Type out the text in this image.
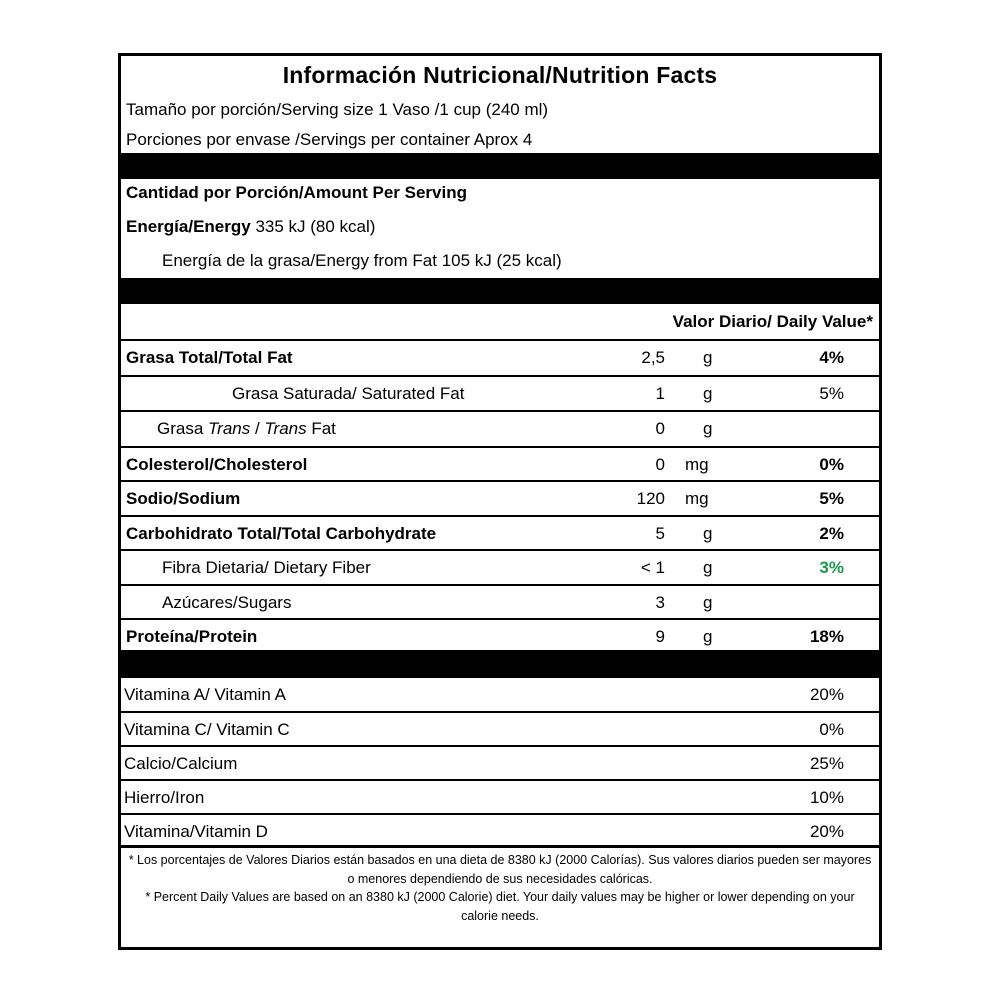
Información Nutricional/Nutrition Facts
Tamaño por porción/Serving size 1 Vaso /1 cup (240 ml)
Porciones por envase /Servings per container Aprox 4
Cantidad por Porción/Amount Per Serving
Energía/Energy 335 kJ (80 kcal)
Energía de la grasa/Energy from Fat 105 kJ (25 kcal)
Valor Diario/ Daily Value*
Grasa Total/Total Fat	2,5 g	4%
Grasa Saturada/ Saturated Fat	1 g	5%
Grasa Trans / Trans Fat	0 g
Colesterol/Cholesterol	0 mg	0%
Sodio/Sodium	120 mg	5%
Carbohidrato Total/Total Carbohydrate	5 g	2%
Fibra Dietaria/ Dietary Fiber	< 1 g	3%
Azúcares/Sugars	3 g
Proteína/Protein	9 g	18%
Vitamina A/ Vitamin A	20%
Vitamina C/ Vitamin C	0%
Calcio/Calcium	25%
Hierro/Iron	10%
Vitamina/Vitamin D	20%
* Los porcentajes de Valores Diarios están basados en una dieta de 8380 kJ (2000 Calorías). Sus valores diarios pueden ser mayores o menores dependiendo de sus necesidades calóricas.
* Percent Daily Values are based on an 8380 kJ (2000 Calorie) diet. Your daily values may be higher or lower depending on your calorie needs.
